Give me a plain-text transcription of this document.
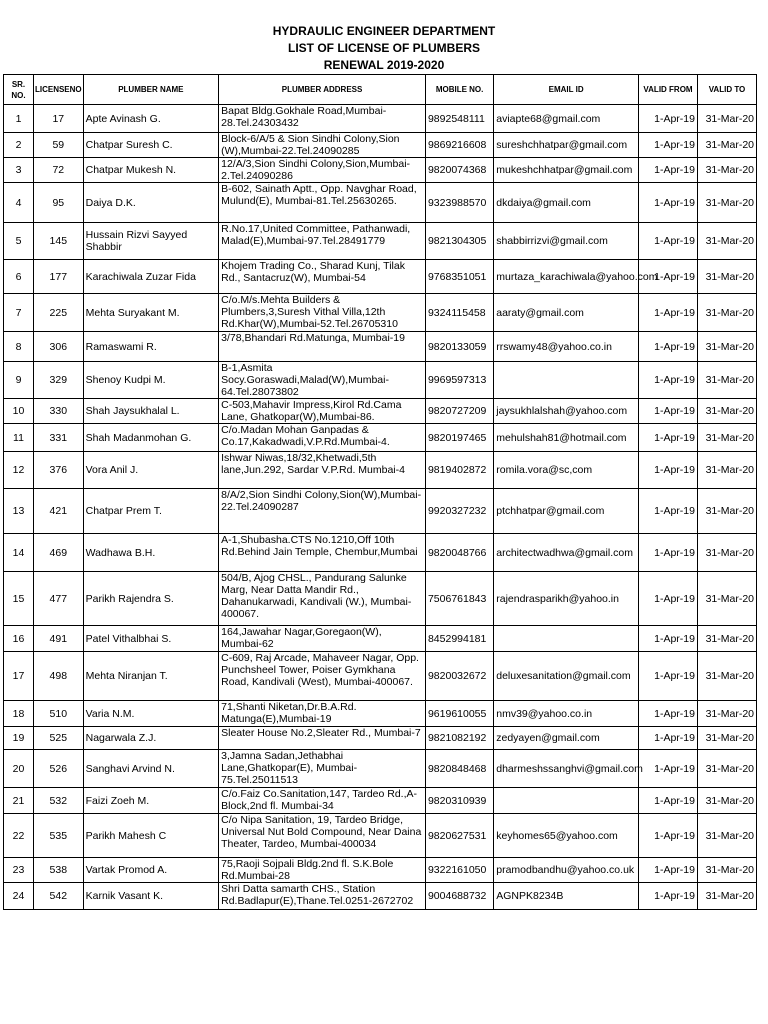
HYDRAULIC ENGINEER DEPARTMENT
LIST OF LICENSE OF PLUMBERS
RENEWAL 2019-2020
SR. NO.	LICENSENO	PLUMBER NAME	PLUMBER ADDRESS	MOBILE NO.	EMAIL ID	VALID FROM	VALID TO
1	17	Apte Avinash G.	Bapat Bldg.Gokhale Road,Mumbai-28.Tel.24303432	9892548111	aviapte68@gmail.com	1-Apr-19	31-Mar-20
2	59	Chatpar Suresh C.	Block-6/A/5 & Sion Sindhi Colony,Sion (W),Mumbai-22.Tel.24090285	9869216608	sureshchhatpar@gmail.com	1-Apr-19	31-Mar-20
3	72	Chatpar Mukesh N.	12/A/3,Sion Sindhi Colony,Sion,Mumbai-2.Tel.24090286	9820074368	mukeshchhatpar@gmail.com	1-Apr-19	31-Mar-20
4	95	Daiya D.K.	B-602, Sainath Aptt., Opp. Navghar Road, Mulund(E), Mumbai-81.Tel.25630265.	9323988570	dkdaiya@gmail.com	1-Apr-19	31-Mar-20
5	145	Hussain Rizvi Sayyed Shabbir	R.No.17,United Committee, Pathanwadi, Malad(E),Mumbai-97.Tel.28491779	9821304305	shabbirrizvi@gmail.com	1-Apr-19	31-Mar-20
6	177	Karachiwala Zuzar Fida	Khojem Trading Co., Sharad Kunj, Tilak Rd., Santacruz(W), Mumbai-54	9768351051	murtaza_karachiwala@yahoo.com	1-Apr-19	31-Mar-20
7	225	Mehta Suryakant M.	C/o.M/s.Mehta Builders & Plumbers,3,Suresh Vithal Villa,12th Rd.Khar(W),Mumbai-52.Tel.26705310	9324115458	aaraty@gmail.com	1-Apr-19	31-Mar-20
8	306	Ramaswami R.	3/78,Bhandari Rd.Matunga, Mumbai-19	9820133059	rrswamy48@yahoo.co.in	1-Apr-19	31-Mar-20
9	329	Shenoy Kudpi M.	B-1,Asmita Socy.Goraswadi,Malad(W),Mumbai-64.Tel.28073802	9969597313		1-Apr-19	31-Mar-20
10	330	Shah Jaysukhalal L.	C-503,Mahavir Impress,Kirol Rd.Cama Lane, Ghatkopar(W),Mumbai-86.	9820727209	jaysukhlalshah@yahoo.com	1-Apr-19	31-Mar-20
11	331	Shah Madanmohan G.	C/o.Madan Mohan Ganpadas & Co.17,Kakadwadi,V.P.Rd.Mumbai-4.	9820197465	mehulshah81@hotmail.com	1-Apr-19	31-Mar-20
12	376	Vora Anil J.	Ishwar Niwas,18/32,Khetwadi,5th lane,Jun.292, Sardar V.P.Rd. Mumbai-4	9819402872	romila.vora@sc,com	1-Apr-19	31-Mar-20
13	421	Chatpar Prem T.	8/A/2,Sion Sindhi Colony,Sion(W),Mumbai-22.Tel.24090287	9920327232	ptchhatpar@gmail.com	1-Apr-19	31-Mar-20
14	469	Wadhawa B.H.	A-1,Shubasha.CTS No.1210,Off 10th Rd.Behind Jain Temple, Chembur,Mumbai	9820048766	architectwadhwa@gmail.com	1-Apr-19	31-Mar-20
15	477	Parikh Rajendra S.	504/B, Ajog CHSL., Pandurang Salunke Marg, Near Datta Mandir Rd., Dahanukarwadi, Kandivali (W.), Mumbai-400067.	7506761843	rajendrasparikh@yahoo.in	1-Apr-19	31-Mar-20
16	491	Patel Vithalbhai S.	164,Jawahar Nagar,Goregaon(W), Mumbai-62	8452994181		1-Apr-19	31-Mar-20
17	498	Mehta Niranjan T.	C-609, Raj Arcade, Mahaveer Nagar, Opp. Punchsheel Tower, Poiser Gymkhana Road, Kandivali (West), Mumbai-400067.	9820032672	deluxesanitation@gmail.com	1-Apr-19	31-Mar-20
18	510	Varia N.M.	71,Shanti Niketan,Dr.B.A.Rd. Matunga(E),Mumbai-19	9619610055	nmv39@yahoo.co.in	1-Apr-19	31-Mar-20
19	525	Nagarwala Z.J.	Sleater House No.2,Sleater Rd., Mumbai-7	9821082192	zedyayen@gmail.com	1-Apr-19	31-Mar-20
20	526	Sanghavi Arvind N.	3,Jamna Sadan,Jethabhai Lane,Ghatkopar(E), Mumbai-75.Tel.25011513	9820848468	dharmeshssanghvi@gmail.com	1-Apr-19	31-Mar-20
21	532	Faizi Zoeh M.	C/o.Faiz Co.Sanitation,147, Tardeo Rd.,A-Block,2nd fl. Mumbai-34	9820310939		1-Apr-19	31-Mar-20
22	535	Parikh Mahesh C	C/o Nipa Sanitation, 19, Tardeo Bridge, Universal Nut Bold Compound, Near Daina Theater, Tardeo, Mumbai-400034	9820627531	keyhomes65@yahoo.com	1-Apr-19	31-Mar-20
23	538	Vartak Promod A.	75,Raoji Sojpali Bldg.2nd fl. S.K.Bole Rd.Mumbai-28	9322161050	pramodbandhu@yahoo.co.uk	1-Apr-19	31-Mar-20
24	542	Karnik Vasant K.	Shri Datta samarth CHS., Station Rd.Badlapur(E),Thane.Tel.0251-2672702	9004688732	AGNPK8234B	1-Apr-19	31-Mar-20
